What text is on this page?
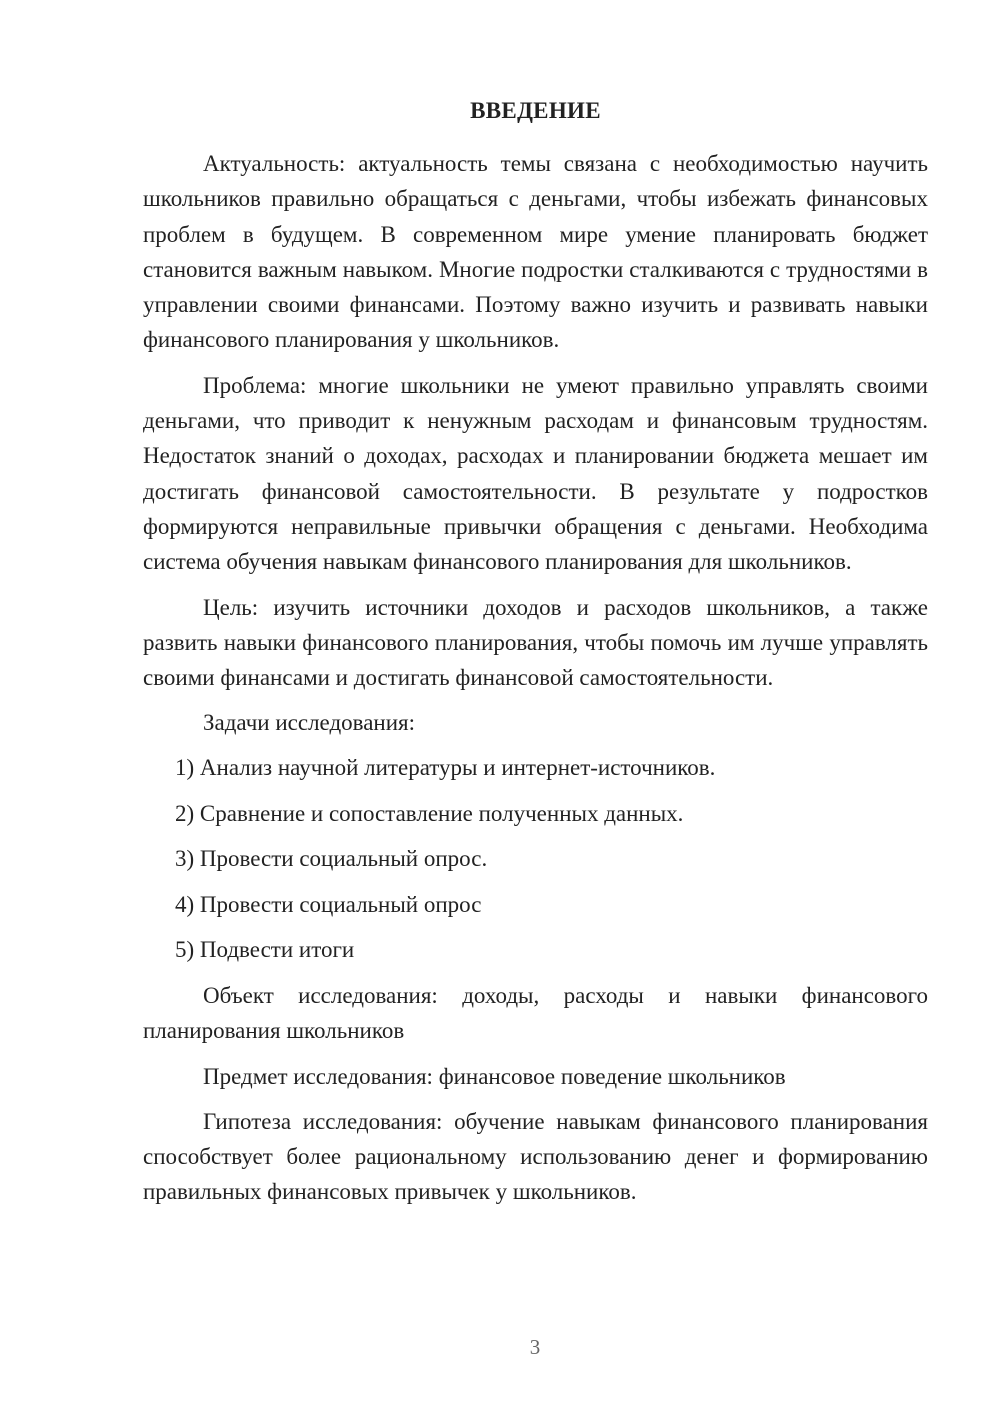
ВВЕДЕНИЕ

Актуальность: актуальность темы связана с необходимостью научить школьников правильно обращаться с деньгами, чтобы избежать финансовых проблем в будущем. В современном мире умение планировать бюджет становится важным навыком. Многие подростки сталкиваются с трудностями в управлении своими финансами. Поэтому важно изучить и развивать навыки финансового планирования у школьников.

Проблема: многие школьники не умеют правильно управлять своими деньгами, что приводит к ненужным расходам и финансовым трудностям. Недостаток знаний о доходах, расходах и планировании бюджета мешает им достигать финансовой самостоятельности. В результате у подростков формируются неправильные привычки обращения с деньгами. Необходима система обучения навыкам финансового планирования для школьников.

Цель: изучить источники доходов и расходов школьников, а также развить навыки финансового планирования, чтобы помочь им лучше управлять своими финансами и достигать финансовой самостоятельности.

Задачи исследования:
1) Анализ научной литературы и интернет-источников.
2) Сравнение и сопоставление полученных данных.
3) Провести социальный опрос.
4) Провести социальный опрос
5) Подвести итоги

Объект исследования: доходы, расходы и навыки финансового планирования школьников

Предмет исследования: финансовое поведение школьников

Гипотеза исследования: обучение навыкам финансового планирования способствует более рациональному использованию денег и формированию правильных финансовых привычек у школьников.

3
